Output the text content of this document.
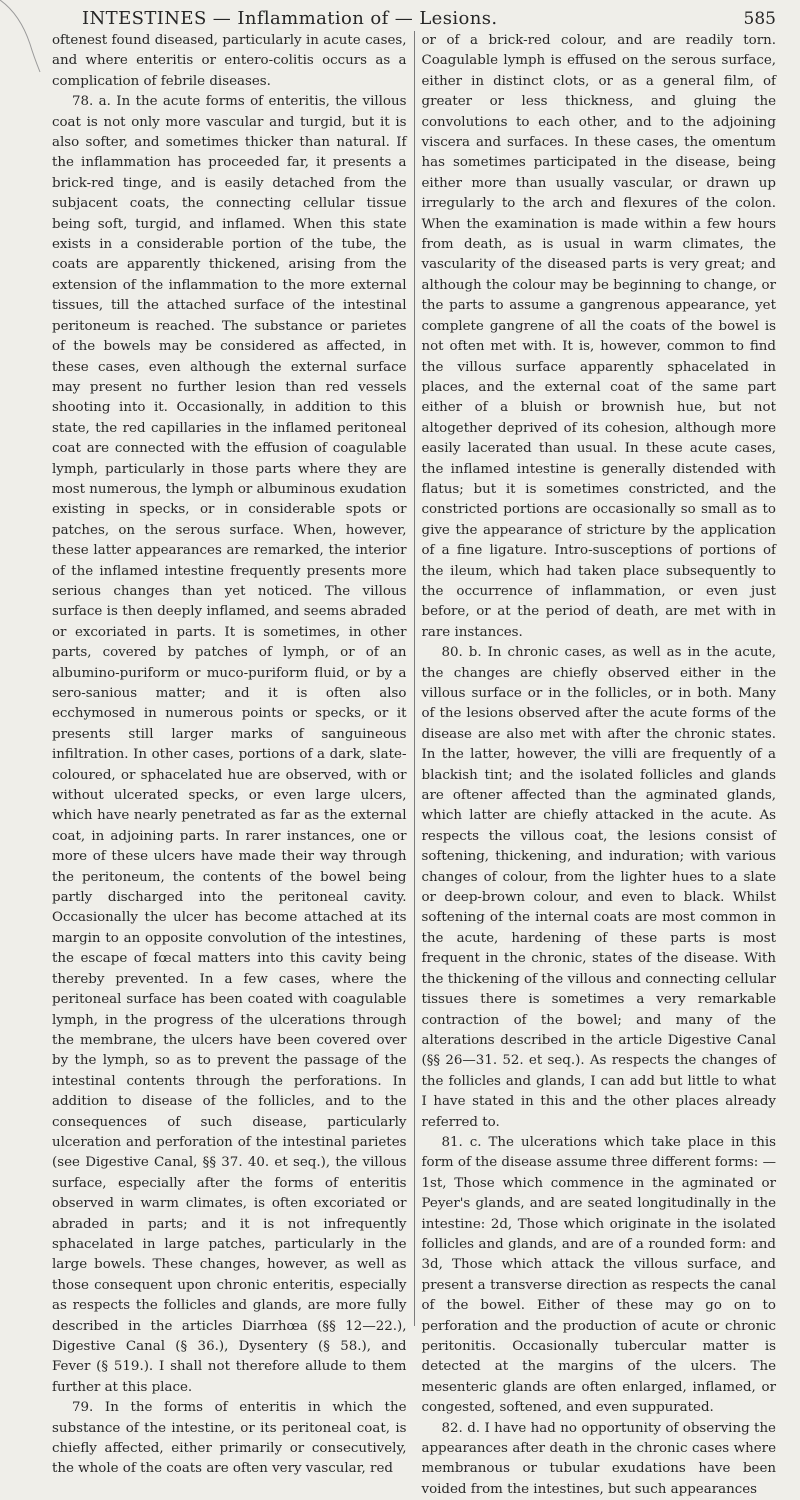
INTESTINES — Inflammation of — Lesions.	585

oftenest found diseased, particularly in acute cases, and where enteritis or entero-colitis occurs as a complication of febrile diseases.

78. a. In the acute forms of enteritis, the villous coat is not only more vascular and turgid, but it is also softer, and sometimes thicker than natural. If the inflammation has proceeded far, it presents a brick-red tinge, and is easily detached from the subjacent coats, the connecting cellular tissue being soft, turgid, and inflamed. When this state exists in a considerable portion of the tube, the coats are apparently thickened, arising from the extension of the inflammation to the more external tissues, till the attached surface of the intestinal peritoneum is reached. The substance or parietes of the bowels may be considered as affected, in these cases, even although the external surface may present no further lesion than red vessels shooting into it. Occasionally, in addition to this state, the red capillaries in the inflamed peritoneal coat are connected with the effusion of coagulable lymph, particularly in those parts where they are most numerous, the lymph or albuminous exudation existing in specks, or in considerable spots or patches, on the serous surface. When, however, these latter appearances are remarked, the interior of the inflamed intestine frequently presents more serious changes than yet noticed. The villous surface is then deeply inflamed, and seems abraded or excoriated in parts. It is sometimes, in other parts, covered by patches of lymph, or of an albumino-puriform or muco-puriform fluid, or by a sero-sanious matter; and it is often also ecchymosed in numerous points or specks, or it presents still larger marks of sanguineous infiltration. In other cases, portions of a dark, slate-coloured, or sphacelated hue are observed, with or without ulcerated specks, or even large ulcers, which have nearly penetrated as far as the external coat, in adjoining parts. In rarer instances, one or more of these ulcers have made their way through the peritoneum, the contents of the bowel being partly discharged into the peritoneal cavity. Occasionally the ulcer has become attached at its margin to an opposite convolution of the intestines, the escape of fœcal matters into this cavity being thereby prevented. In a few cases, where the peritoneal surface has been coated with coagulable lymph, in the progress of the ulcerations through the membrane, the ulcers have been covered over by the lymph, so as to prevent the passage of the intestinal contents through the perforations. In addition to disease of the follicles, and to the consequences of such disease, particularly ulceration and perforation of the intestinal parietes (see Digestive Canal, §§ 37. 40. et seq.), the villous surface, especially after the forms of enteritis observed in warm climates, is often excoriated or abraded in parts; and it is not infrequently sphacelated in large patches, particularly in the large bowels. These changes, however, as well as those consequent upon chronic enteritis, especially as respects the follicles and glands, are more fully described in the articles Diarrhœa (§§ 12—22.), Digestive Canal (§ 36.), Dysentery (§ 58.), and Fever (§ 519.). I shall not therefore allude to them further at this place.

79. In the forms of enteritis in which the substance of the intestine, or its peritoneal coat, is chiefly affected, either primarily or consecutively, the whole of the coats are often very vascular, red

or of a brick-red colour, and are readily torn. Coagulable lymph is effused on the serous surface, either in distinct clots, or as a general film, of greater or less thickness, and gluing the convolutions to each other, and to the adjoining viscera and surfaces. In these cases, the omentum has sometimes participated in the disease, being either more than usually vascular, or drawn up irregularly to the arch and flexures of the colon. When the examination is made within a few hours from death, as is usual in warm climates, the vascularity of the diseased parts is very great; and although the colour may be beginning to change, or the parts to assume a gangrenous appearance, yet complete gangrene of all the coats of the bowel is not often met with. It is, however, common to find the villous surface apparently sphacelated in places, and the external coat of the same part either of a bluish or brownish hue, but not altogether deprived of its cohesion, although more easily lacerated than usual. In these acute cases, the inflamed intestine is generally distended with flatus; but it is sometimes constricted, and the constricted portions are occasionally so small as to give the appearance of stricture by the application of a fine ligature. Intro-susceptions of portions of the ileum, which had taken place subsequently to the occurrence of inflammation, or even just before, or at the period of death, are met with in rare instances.

80. b. In chronic cases, as well as in the acute, the changes are chiefly observed either in the villous surface or in the follicles, or in both. Many of the lesions observed after the acute forms of the disease are also met with after the chronic states. In the latter, however, the villi are frequently of a blackish tint; and the isolated follicles and glands are oftener affected than the agminated glands, which latter are chiefly attacked in the acute. As respects the villous coat, the lesions consist of softening, thickening, and induration; with various changes of colour, from the lighter hues to a slate or deep-brown colour, and even to black. Whilst softening of the internal coats are most common in the acute, hardening of these parts is most frequent in the chronic, states of the disease. With the thickening of the villous and connecting cellular tissues there is sometimes a very remarkable contraction of the bowel; and many of the alterations described in the article Digestive Canal (§§ 26—31. 52. et seq.). As respects the changes of the follicles and glands, I can add but little to what I have stated in this and the other places already referred to.

81. c. The ulcerations which take place in this form of the disease assume three different forms: — 1st, Those which commence in the agminated or Peyer's glands, and are seated longitudinally in the intestine: 2d, Those which originate in the isolated follicles and glands, and are of a rounded form: and 3d, Those which attack the villous surface, and present a transverse direction as respects the canal of the bowel. Either of these may go on to perforation and the production of acute or chronic peritonitis. Occasionally tubercular matter is detected at the margins of the ulcers. The mesenteric glands are often enlarged, inflamed, or congested, softened, and even suppurated.

82. d. I have had no opportunity of observing the appearances after death in the chronic cases where membranous or tubular exudations have been voided from the intestines, but such appearances
